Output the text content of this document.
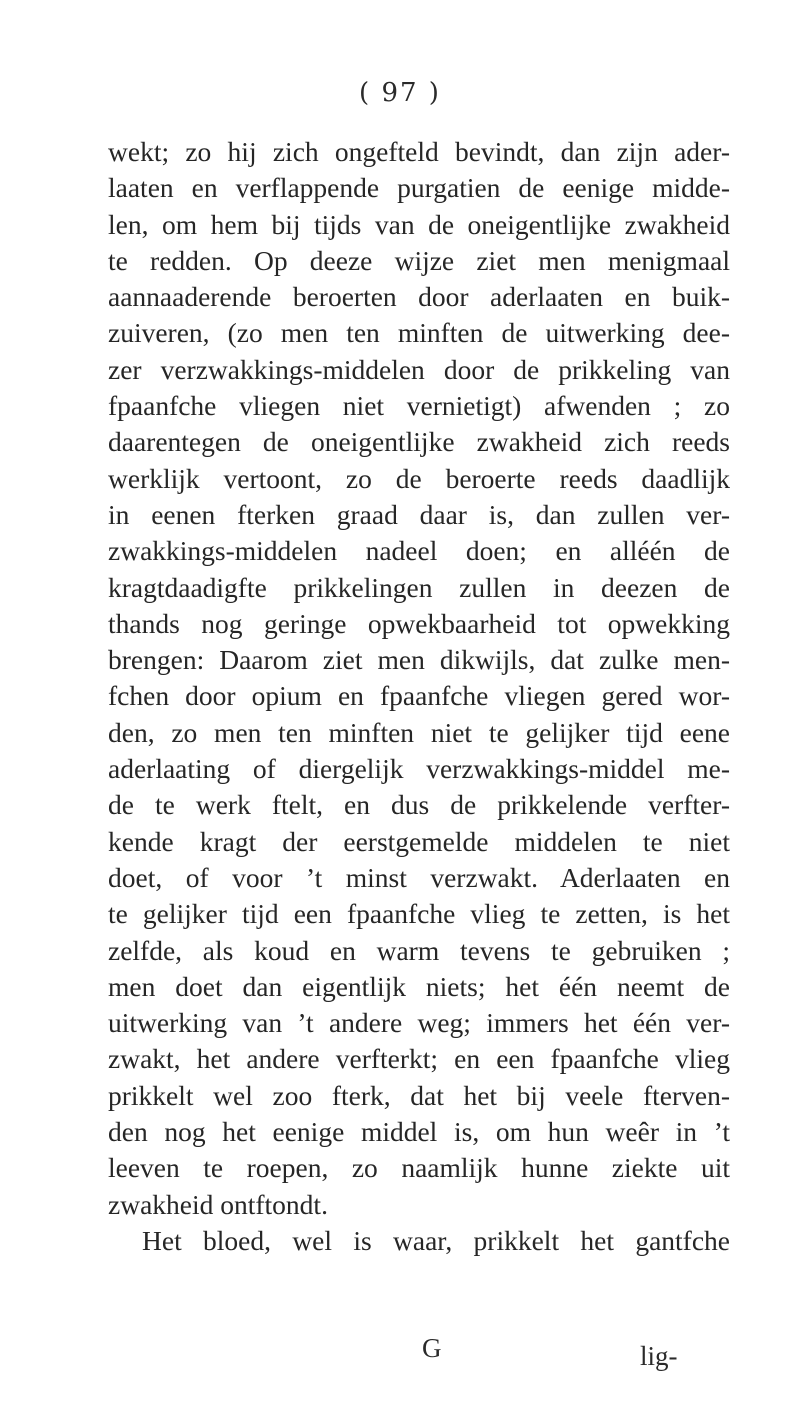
( 97 )
wekt; zo hij zich ongefteld bevindt, dan zijn ader-
laaten en verflappende purgatien de eenige midde-
len, om hem bij tijds van de oneigentlijke zwakheid
te redden. Op deeze wijze ziet men menigmaal
aannaaderende beroerten door aderlaaten en buik-
zuiveren, (zo men ten minften de uitwerking dee-
zer verzwakkings-middelen door de prikkeling van
fpaanfche vliegen niet vernietigt) afwenden ; zo
daarentegen de oneigentlijke zwakheid zich reeds
werklijk vertoont, zo de beroerte reeds daadlijk
in eenen fterken graad daar is, dan zullen ver-
zwakkings-middelen nadeel doen; en alléén de
kragtdaadigfte prikkelingen zullen in deezen de
thands nog geringe opwekbaarheid tot opwekking
brengen: Daarom ziet men dikwijls, dat zulke men-
fchen door opium en fpaanfche vliegen gered wor-
den, zo men ten minften niet te gelijker tijd eene
aderlaating of diergelijk verzwakkings-middel me-
de te werk ftelt, en dus de prikkelende verfter-
kende kragt der eerstgemelde middelen te niet
doet, of voor ’t minst verzwakt. Aderlaaten en
te gelijker tijd een fpaanfche vlieg te zetten, is het
zelfde, als koud en warm tevens te gebruiken ;
men doet dan eigentlijk niets; het één neemt de
uitwerking van ’t andere weg; immers het één ver-
zwakt, het andere verfterkt; en een fpaanfche vlieg
prikkelt wel zoo fterk, dat het bij veele fterven-
den nog het eenige middel is, om hun weêr in ’t
leeven te roepen, zo naamlijk hunne ziekte uit
zwakheid ontftondt.
Het bloed, wel is waar, prikkelt het gantfche
G	lig-
